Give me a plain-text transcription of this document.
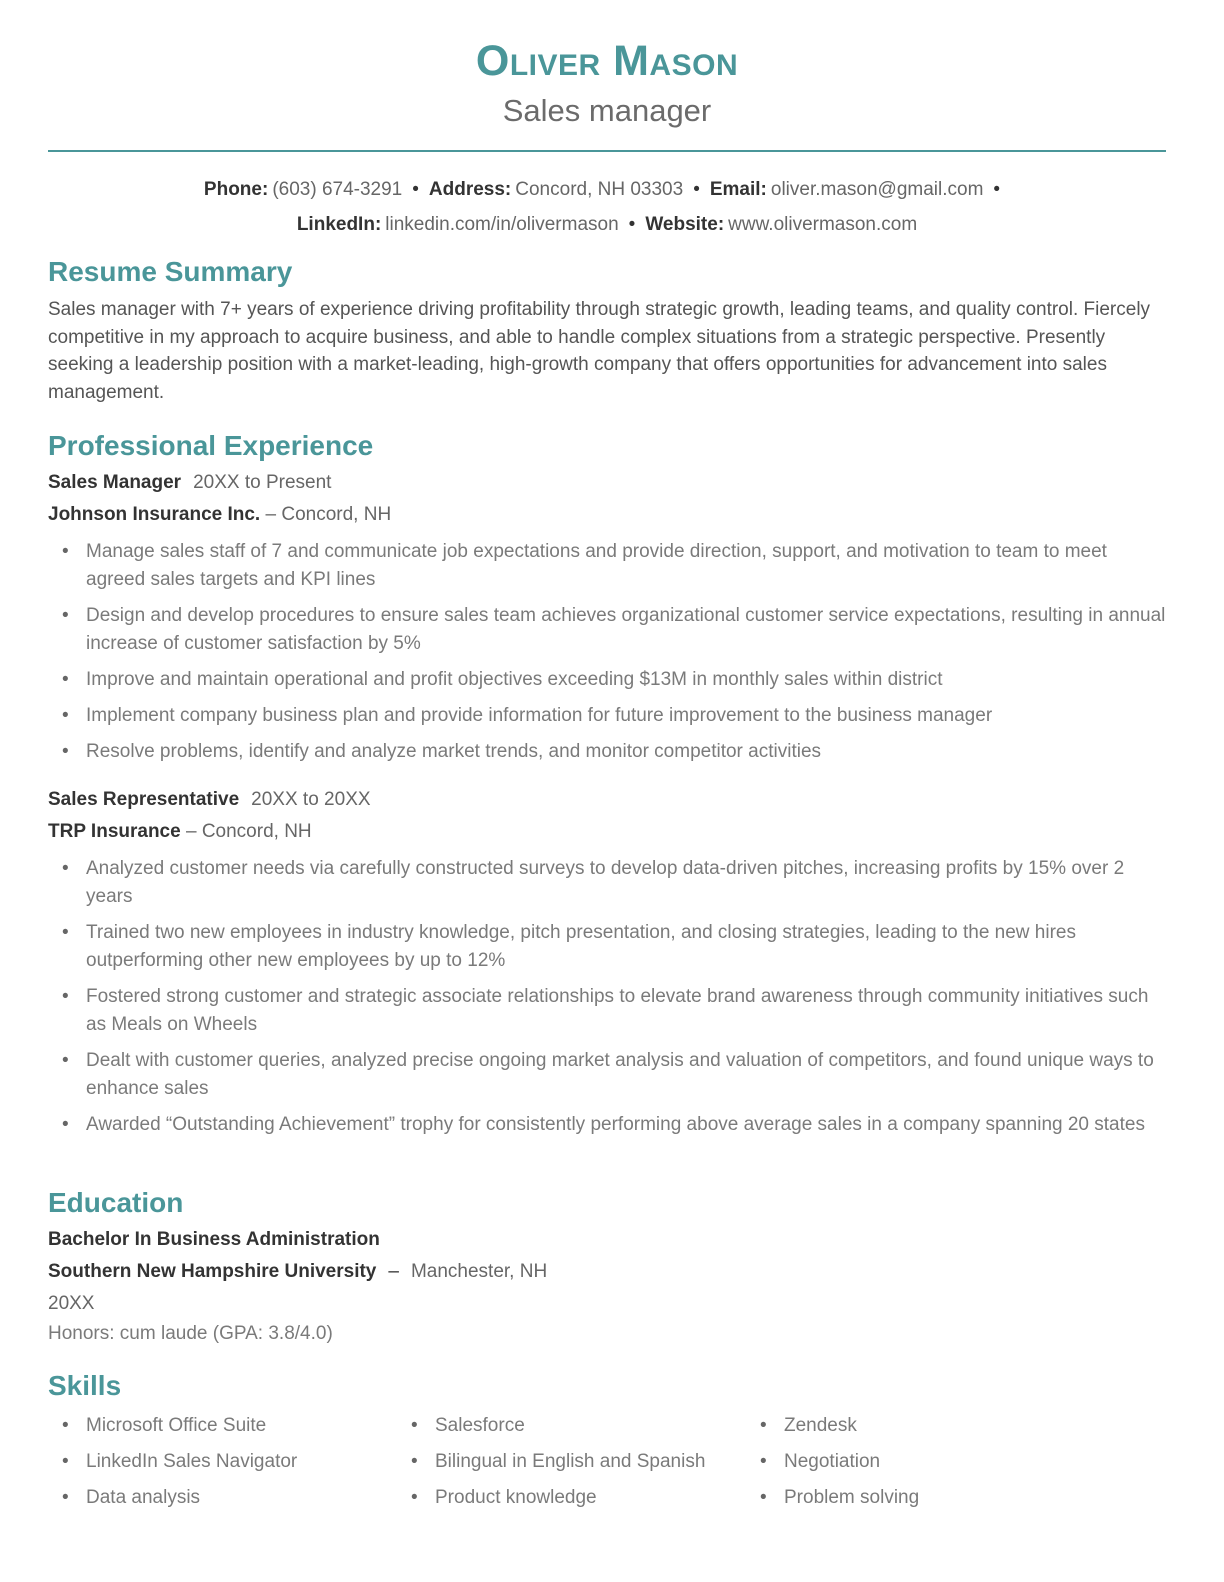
Oliver Mason
Sales manager
Phone: (603) 674-3291 • Address: Concord, NH 03303 • Email: oliver.mason@gmail.com •
LinkedIn: linkedin.com/in/olivermason • Website: www.olivermason.com
Resume Summary
Sales manager with 7+ years of experience driving profitability through strategic growth, leading teams, and quality control. Fiercely competitive in my approach to acquire business, and able to handle complex situations from a strategic perspective. Presently seeking a leadership position with a market-leading, high-growth company that offers opportunities for advancement into sales management.
Professional Experience
Sales Manager 20XX to Present
Johnson Insurance Inc. – Concord, NH
• Manage sales staff of 7 and communicate job expectations and provide direction, support, and motivation to team to meet agreed sales targets and KPI lines
• Design and develop procedures to ensure sales team achieves organizational customer service expectations, resulting in annual increase of customer satisfaction by 5%
• Improve and maintain operational and profit objectives exceeding $13M in monthly sales within district
• Implement company business plan and provide information for future improvement to the business manager
• Resolve problems, identify and analyze market trends, and monitor competitor activities
Sales Representative 20XX to 20XX
TRP Insurance – Concord, NH
• Analyzed customer needs via carefully constructed surveys to develop data-driven pitches, increasing profits by 15% over 2 years
• Trained two new employees in industry knowledge, pitch presentation, and closing strategies, leading to the new hires outperforming other new employees by up to 12%
• Fostered strong customer and strategic associate relationships to elevate brand awareness through community initiatives such as Meals on Wheels
• Dealt with customer queries, analyzed precise ongoing market analysis and valuation of competitors, and found unique ways to enhance sales
• Awarded “Outstanding Achievement” trophy for consistently performing above average sales in a company spanning 20 states
Education
Bachelor In Business Administration
Southern New Hampshire University – Manchester, NH
20XX
Honors: cum laude (GPA: 3.8/4.0)
Skills
• Microsoft Office Suite
• LinkedIn Sales Navigator
• Data analysis
• Salesforce
• Bilingual in English and Spanish
• Product knowledge
• Zendesk
• Negotiation
• Problem solving
